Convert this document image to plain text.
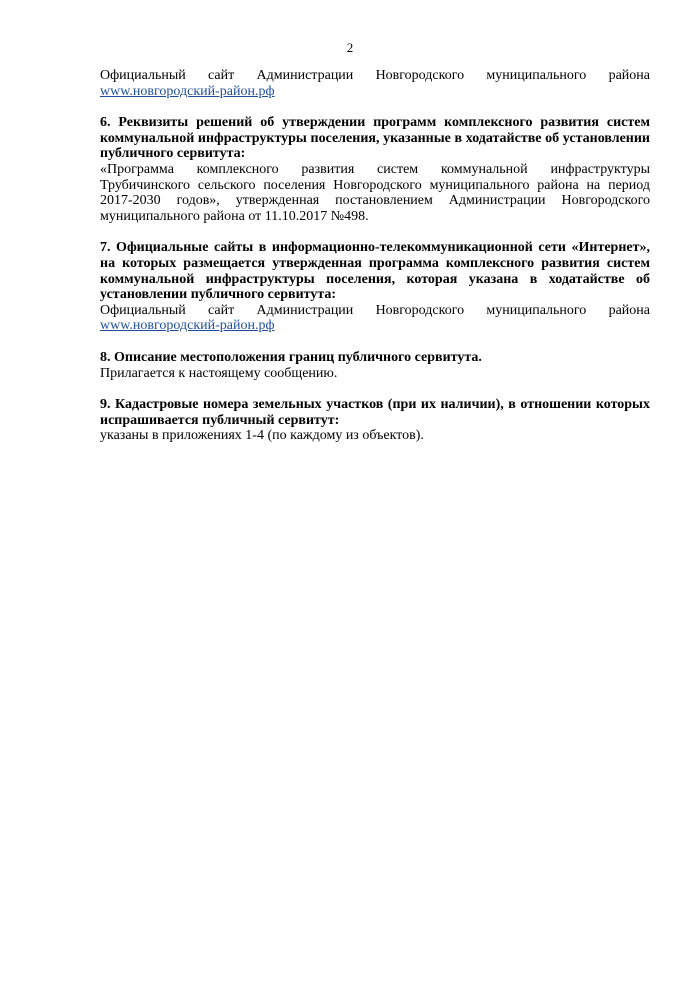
2
Официальный сайт Администрации Новгородского муниципального района
www.новгородский-район.рф
6. Реквизиты решений об утверждении программ комплексного развития систем
коммунальной инфраструктуры поселения, указанные в ходатайстве об установлении
публичного сервитута:
«Программа комплексного развития систем коммунальной инфраструктуры
Трубичинского сельского поселения Новгородского муниципального района на период
2017-2030 годов», утвержденная постановлением Администрации Новгородского
муниципального района от 11.10.2017 №498.
7. Официальные сайты в информационно-телекоммуникационной сети «Интернет»,
на которых размещается утвержденная программа комплексного развития систем
коммунальной инфраструктуры поселения, которая указана в ходатайстве об
установлении публичного сервитута:
Официальный сайт Администрации Новгородского муниципального района
www.новгородский-район.рф
8. Описание местоположения границ публичного сервитута.
Прилагается к настоящему сообщению.
9. Кадастровые номера земельных участков (при их наличии), в отношении которых
испрашивается публичный сервитут:
указаны в приложениях 1-4 (по каждому из объектов).
